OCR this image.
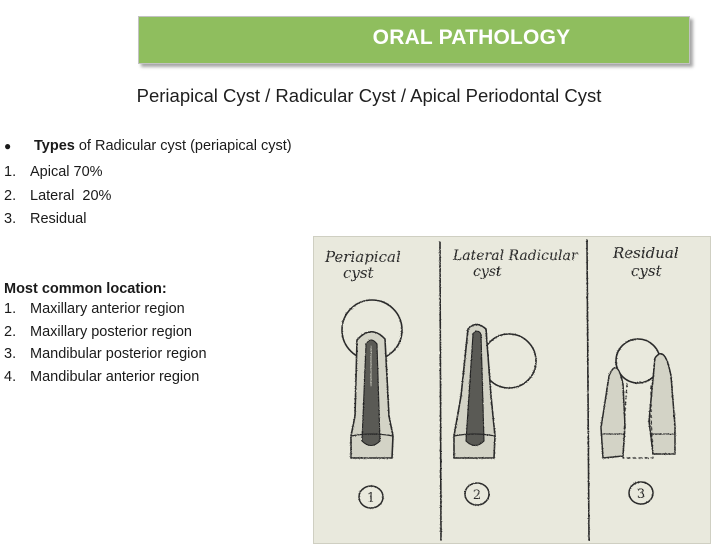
ORAL PATHOLOGY
Periapical Cyst / Radicular Cyst / Apical Periodontal Cyst
● Types of Radicular cyst (periapical cyst)
1. Apical 70%
2. Lateral  20%
3. Residual
Most common location:
1. Maxillary anterior region
2. Maxillary posterior region
3. Mandibular posterior region
4. Mandibular anterior region
1	2	3
Periapical
cyst
Lateral Radicular
cyst
Residual
cyst
